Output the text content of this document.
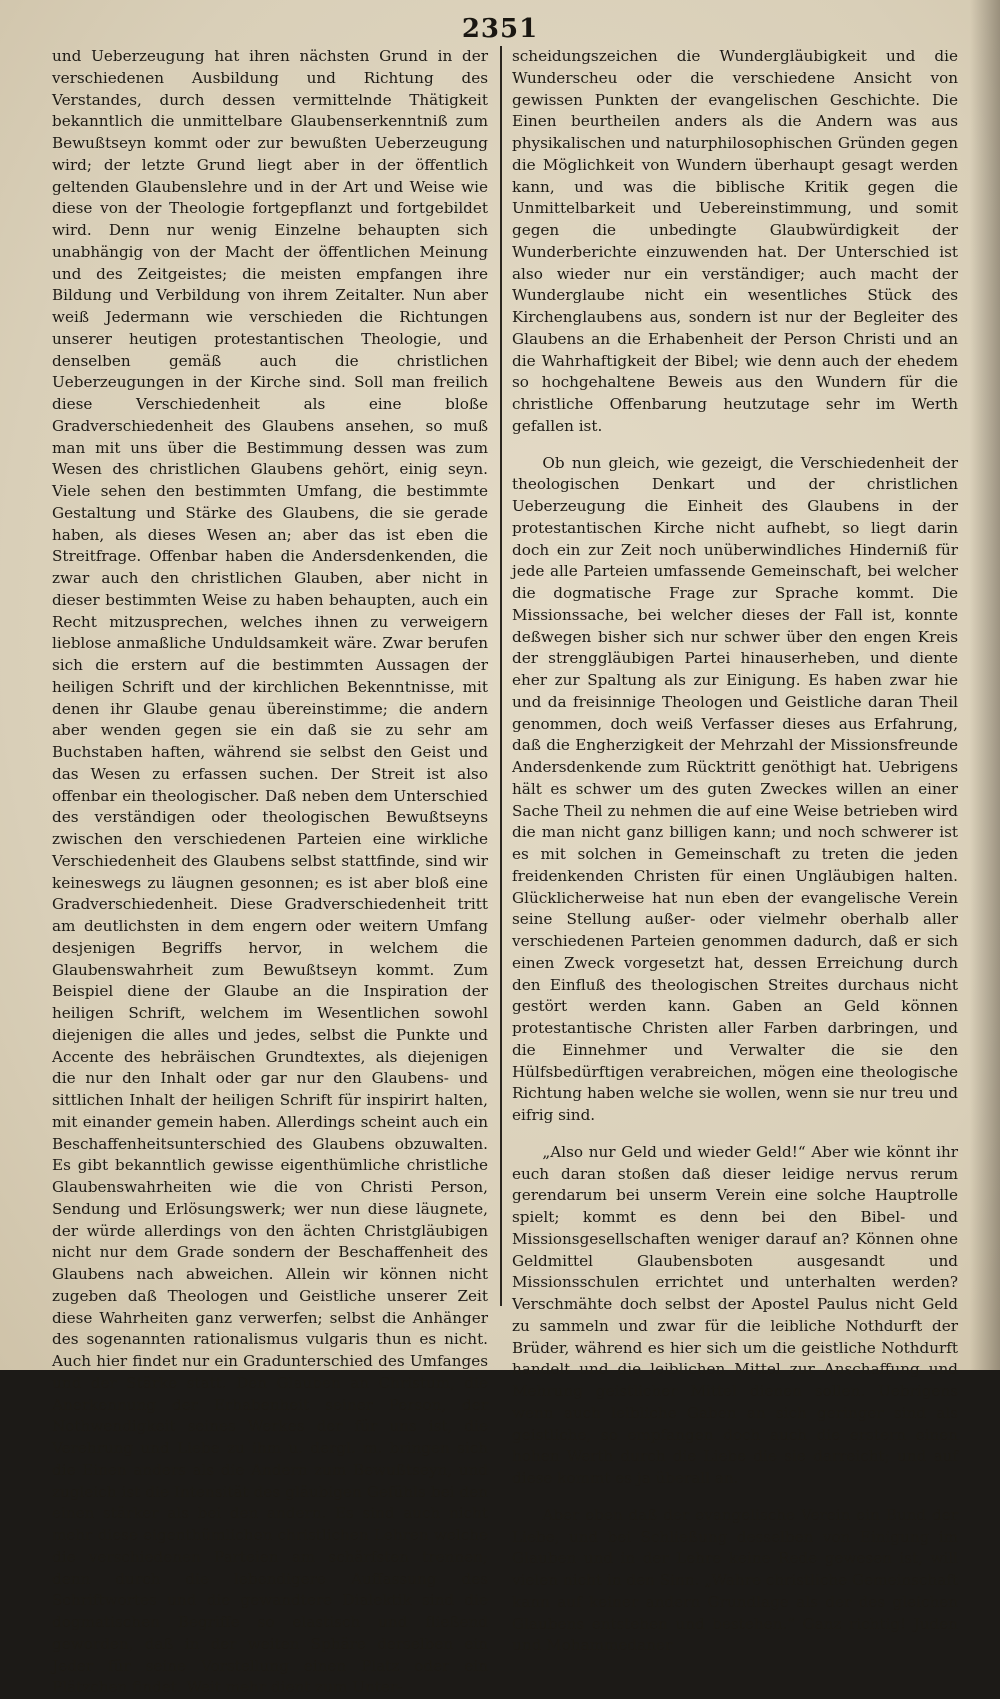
2351

und Ueberzeugung hat ihren nächsten Grund in der verschiedenen Ausbildung und Richtung des Verstandes, durch dessen vermittelnde Thätigkeit bekanntlich die unmittelbare Glaubenserkenntniß zum Bewußtseyn kommt oder zur bewußten Ueberzeugung wird; der letzte Grund liegt aber in der öffentlich geltenden Glaubenslehre und in der Art und Weise wie diese von der Theologie fortgepflanzt und fortgebildet wird. Denn nur wenig Einzelne behaupten sich unabhängig von der Macht der öffentlichen Meinung und des Zeitgeistes; die meisten empfangen ihre Bildung und Verbildung von ihrem Zeitalter. Nun aber weiß Jedermann wie verschieden die Richtungen unserer heutigen protestantischen Theologie, und denselben gemäß auch die christlichen Ueberzeugungen in der Kirche sind. Soll man freilich diese Verschiedenheit als eine bloße Gradverschiedenheit des Glaubens ansehen, so muß man mit uns über die Bestimmung dessen was zum Wesen des christlichen Glaubens gehört, einig seyn. Viele sehen den bestimmten Umfang, die bestimmte Gestaltung und Stärke des Glaubens, die sie gerade haben, als dieses Wesen an; aber das ist eben die Streitfrage. Offenbar haben die Andersdenkenden, die zwar auch den christlichen Glauben, aber nicht in dieser bestimmten Weise zu haben behaupten, auch ein Recht mitzusprechen, welches ihnen zu verweigern lieblose anmaßliche Unduldsamkeit wäre. Zwar berufen sich die erstern auf die bestimmten Aussagen der heiligen Schrift und der kirchlichen Bekenntnisse, mit denen ihr Glaube genau übereinstimme; die andern aber wenden gegen sie ein daß sie zu sehr am Buchstaben haften, während sie selbst den Geist und das Wesen zu erfassen suchen. Der Streit ist also offenbar ein theologischer. Daß neben dem Unterschied des verständigen oder theologischen Bewußtseyns zwischen den verschiedenen Parteien eine wirkliche Verschiedenheit des Glaubens selbst stattfinde, sind wir keineswegs zu läugnen gesonnen; es ist aber bloß eine Gradverschiedenheit. Diese Gradverschiedenheit tritt am deutlichsten in dem engern oder weitern Umfang desjenigen Begriffs hervor, in welchem die Glaubenswahrheit zum Bewußtseyn kommt. Zum Beispiel diene der Glaube an die Inspiration der heiligen Schrift, welchem im Wesentlichen sowohl diejenigen die alles und jedes, selbst die Punkte und Accente des hebräischen Grundtextes, als diejenigen die nur den Inhalt oder gar nur den Glaubens- und sittlichen Inhalt der heiligen Schrift für inspirirt halten, mit einander gemein haben. Allerdings scheint auch ein Beschaffenheitsunterschied des Glaubens obzuwalten. Es gibt bekanntlich gewisse eigenthümliche christliche Glaubenswahrheiten wie die von Christi Person, Sendung und Erlösungswerk; wer nun diese läugnete, der würde allerdings von den ächten Christgläubigen nicht nur dem Grade sondern der Beschaffenheit des Glaubens nach abweichen. Allein wir können nicht zugeben daß Theologen und Geistliche unserer Zeit diese Wahrheiten ganz verwerfen; selbst die Anhänger des sogenannten rationalismus vulgaris thun es nicht. Auch hier findet nur ein Gradunterschied des Umfanges und der Stärke statt. Den Glauben an Christum, die Anerkennung der Erhabenheit seiner Person, der Nothwendigkeit seines Werkes der für uns ist, die Verehrung und Liebe zu ihm u. dergl. m. bringen sich die Einen anders als die Andern zum Bewußtseyn, und zugleich ist die Intensität des gläubigen Gefühls bei den einen stärker als bei den andern. Es sind auch nicht mehr diese eigenthümlichen christlichen Lehren welche die verschiedenen Parteien am schärfsten trennen; denn durch die lebendigere Auffassung des Schriftwortes und die gewandtere Dialektik sind die dogmatischen Begriffe so elastisch und fließend geworden, daß in der weiten Sphäre derselben ein Jeder für seine Vorstellung einen Platz oder ein Plätzchen findet. Weit mehr dient zum Unter-

scheidungszeichen die Wundergläubigkeit und die Wunderscheu oder die verschiedene Ansicht von gewissen Punkten der evangelischen Geschichte. Die Einen beurtheilen anders als die Andern was aus physikalischen und naturphilosophischen Gründen gegen die Möglichkeit von Wundern überhaupt gesagt werden kann, und was die biblische Kritik gegen die Unmittelbarkeit und Uebereinstimmung, und somit gegen die unbedingte Glaubwürdigkeit der Wunderberichte einzuwenden hat. Der Unterschied ist also wieder nur ein verständiger; auch macht der Wunderglaube nicht ein wesentliches Stück des Kirchenglaubens aus, sondern ist nur der Begleiter des Glaubens an die Erhabenheit der Person Christi und an die Wahrhaftigkeit der Bibel; wie denn auch der ehedem so hochgehaltene Beweis aus den Wundern für die christliche Offenbarung heutzutage sehr im Werth gefallen ist.

Ob nun gleich, wie gezeigt, die Verschiedenheit der theologischen Denkart und der christlichen Ueberzeugung die Einheit des Glaubens in der protestantischen Kirche nicht aufhebt, so liegt darin doch ein zur Zeit noch unüberwindliches Hinderniß für jede alle Parteien umfassende Gemeinschaft, bei welcher die dogmatische Frage zur Sprache kommt. Die Missionssache, bei welcher dieses der Fall ist, konnte deßwegen bisher sich nur schwer über den engen Kreis der strenggläubigen Partei hinauserheben, und diente eher zur Spaltung als zur Einigung. Es haben zwar hie und da freisinnige Theologen und Geistliche daran Theil genommen, doch weiß Verfasser dieses aus Erfahrung, daß die Engherzigkeit der Mehrzahl der Missionsfreunde Andersdenkende zum Rücktritt genöthigt hat. Uebrigens hält es schwer um des guten Zweckes willen an einer Sache Theil zu nehmen die auf eine Weise betrieben wird die man nicht ganz billigen kann; und noch schwerer ist es mit solchen in Gemeinschaft zu treten die jeden freidenkenden Christen für einen Ungläubigen halten. Glücklicherweise hat nun eben der evangelische Verein seine Stellung außer- oder vielmehr oberhalb aller verschiedenen Parteien genommen dadurch, daß er sich einen Zweck vorgesetzt hat, dessen Erreichung durch den Einfluß des theologischen Streites durchaus nicht gestört werden kann. Gaben an Geld können protestantische Christen aller Farben darbringen, und die Einnehmer und Verwalter die sie den Hülfsbedürftigen verabreichen, mögen eine theologische Richtung haben welche sie wollen, wenn sie nur treu und eifrig sind.

„Also nur Geld und wieder Geld!“ Aber wie könnt ihr euch daran stoßen daß dieser leidige nervus rerum gerendarum bei unserm Verein eine solche Hauptrolle spielt; kommt es denn bei den Bibel- und Missionsgesellschaften weniger darauf an? Können ohne Geldmittel Glaubensboten ausgesandt und Missionsschulen errichtet und unterhalten werden? Verschmähte doch selbst der Apostel Paulus nicht Geld zu sammeln und zwar für die leibliche Nothdurft der Brüder, während es hier sich um die geistliche Nothdurft handelt und die leiblichen Mittel zur Anschaffung und Mehrung geistlicher Mittel dienen sollen. Uebrigens wenn auch leibliche Gaben an sich geringer sind als geistliche, so empfangen doch auch die erstern einen hohen Werth durch die Liebe die sie darreicht; und auf diese kommt es ja überall an.

Aber eben daß der evangelische Verein ein Bund der Liebe, und bei Schließung desselben von Einigung im Glauben und in der Lehre keine Rede gewesen ist, will vielen nicht in den Sinn. „Wahre christliche Gemeinschaft kann auf keiner andern Grundlage als der des gleichen Glaubens entstehen und bestehen.“ Ganz richtig! Juden und Mohammedaner
